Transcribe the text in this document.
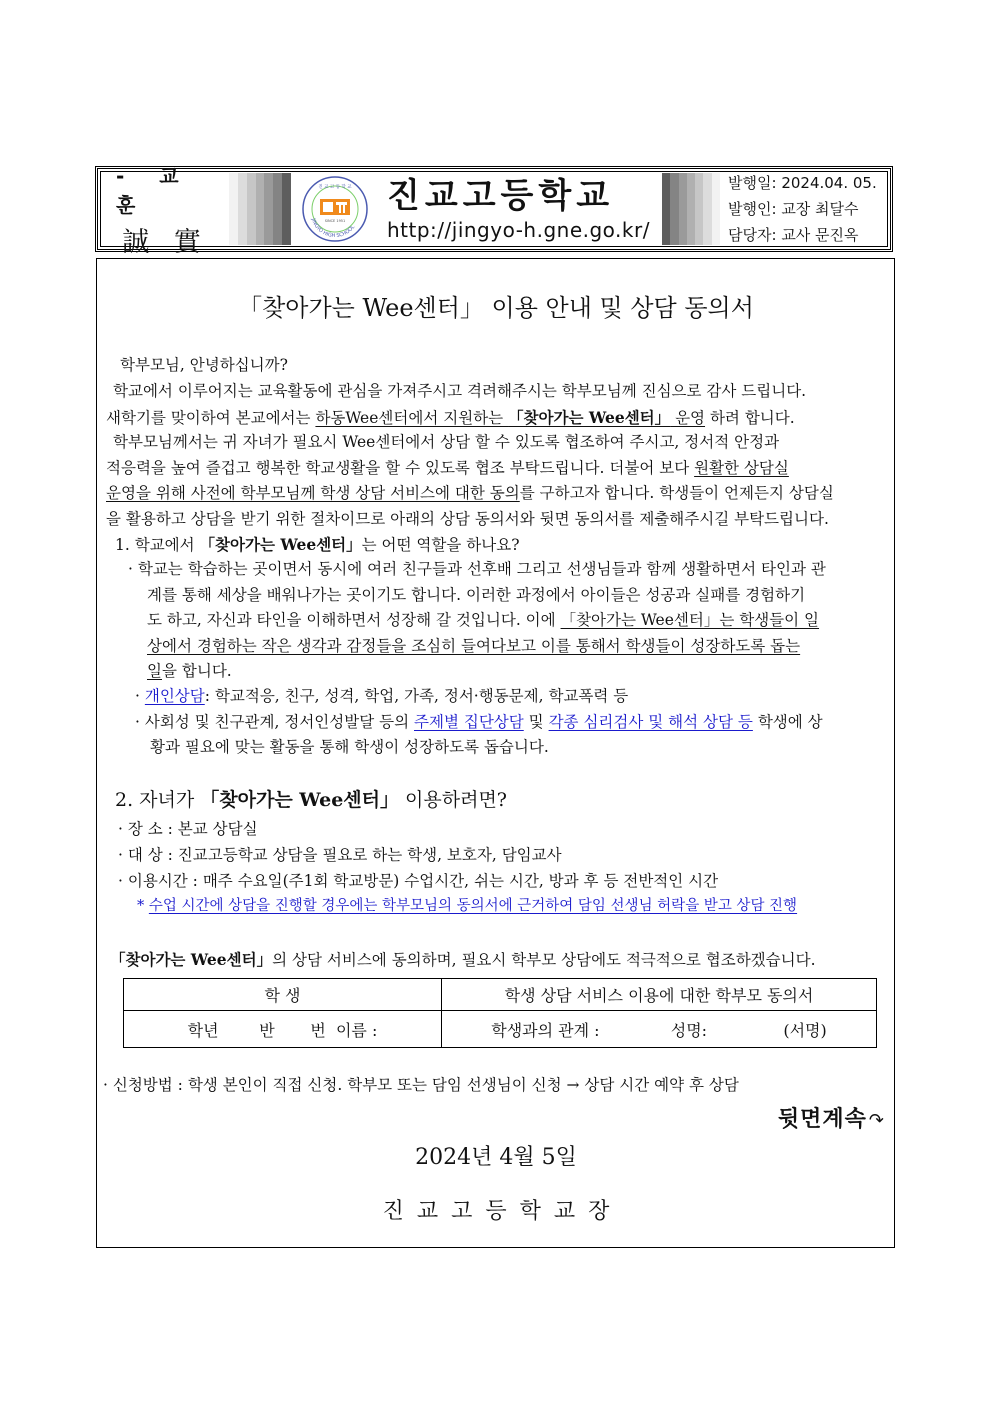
- 교 훈
誠 實
SINCE 1951
JINGYO HIGH SCHOOL
진 교 고 등 학 교 진교고등학교
http://jingyo-h.gne.go.kr/
발행일: 2024.04. 05.
발행인: 교장 최달수
담당자: 교사 문진옥
「찾아가는 Wee센터」 이용 안내 및 상담 동의서
학부모님, 안녕하십니까?
학교에서 이루어지는 교육활동에 관심을 가져주시고 격려해주시는 학부모님께 진심으로 감사 드립니다.
새학기를 맞이하여 본교에서는 하동Wee센터에서 지원하는 「찾아가는 Wee센터」 운영 하려 합니다.
학부모님께서는 귀 자녀가 필요시 Wee센터에서 상담 할 수 있도록 협조하여 주시고, 정서적 안정과
적응력을 높여 즐겁고 행복한 학교생활을 할 수 있도록 협조 부탁드립니다. 더불어 보다 원활한 상담실
운영을 위해 사전에 학부모님께 학생 상담 서비스에 대한 동의를 구하고자 합니다. 학생들이 언제든지 상담실
을 활용하고 상담을 받기 위한 절차이므로 아래의 상담 동의서와 뒷면 동의서를 제출해주시길 부탁드립니다.
1. 학교에서 「찾아가는 Wee센터」는 어떤 역할을 하나요?
· 학교는 학습하는 곳이면서 동시에 여러 친구들과 선후배 그리고 선생님들과 함께 생활하면서 타인과 관
계를 통해 세상을 배워나가는 곳이기도 합니다. 이러한 과정에서 아이들은 성공과 실패를 경험하기
도 하고, 자신과 타인을 이해하면서 성장해 갈 것입니다. 이에 「찾아가는 Wee센터」는 학생들이 일
상에서 경험하는 작은 생각과 감정들을 조심히 들여다보고 이를 통해서 학생들이 성장하도록 돕는
일을 합니다.
· 개인상담: 학교적응, 친구, 성격, 학업, 가족, 정서·행동문제, 학교폭력 등
· 사회성 및 친구관계, 정서인성발달 등의 주제별 집단상담 및 각종 심리검사 및 해석 상담 등 학생에 상
황과 필요에 맞는 활동을 통해 학생이 성장하도록 돕습니다.
2. 자녀가 「찾아가는 Wee센터」 이용하려면?
· 장 소 : 본교 상담실
· 대 상 : 진교고등학교 상담을 필요로 하는 학생, 보호자, 담임교사
· 이용시간 : 매주 수요일(주1회 학교방문) 수업시간, 쉬는 시간, 방과 후 등 전반적인 시간
* 수업 시간에 상담을 진행할 경우에는 학부모님의 동의서에 근거하여 담임 선생님 허락을 받고 상담 진행
「찾아가는 Wee센터」의 상담 서비스에 동의하며, 필요시 학부모 상담에도 적극적으로 협조하겠습니다.
학 생	학생 상담 서비스 이용에 대한 학부모 동의서
학년 반 번 이름 :	학생과의 관계 : 성명: (서명)
· 신청방법 : 학생 본인이 직접 신청. 학부모 또는 담임 선생님이 신청 → 상담 시간 예약 후 상담
뒷면계속 ↷
2024년 4월 5일
진교고등학교장
